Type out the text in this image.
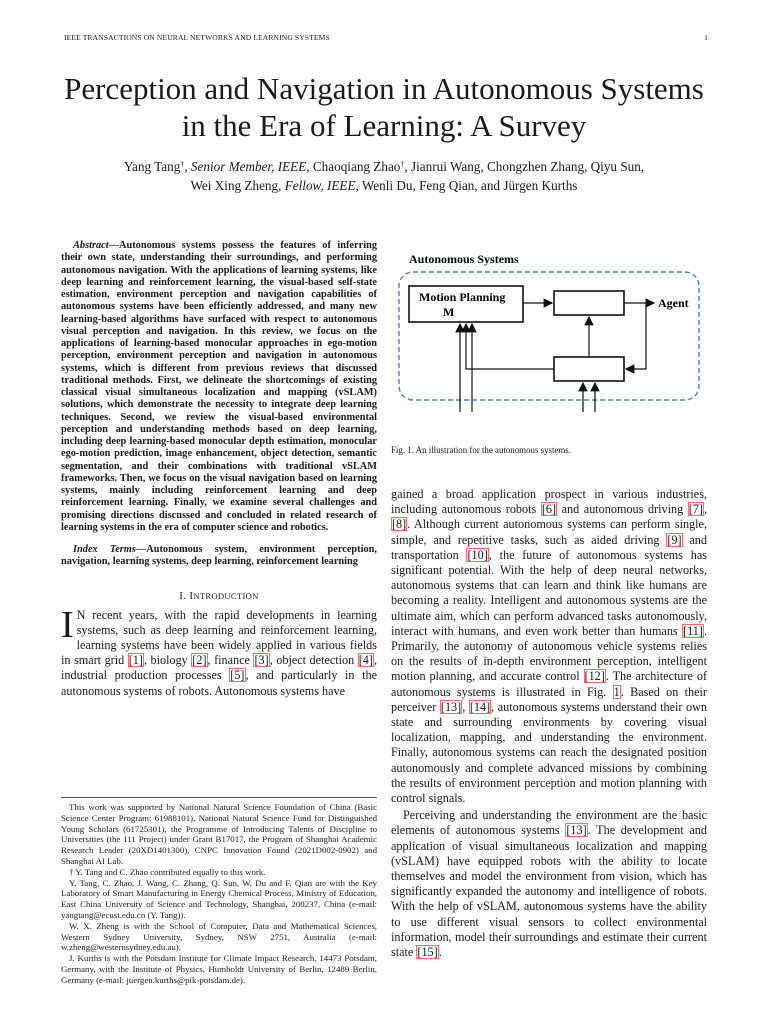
IEEE TRANSACTIONS ON NEURAL NETWORKS AND LEARNING SYSTEMS	1
Perception and Navigation in Autonomous Systems
in the Era of Learning: A Survey
Yang Tang†, Senior Member, IEEE, Chaoqiang Zhao†, Jianrui Wang, Chongzhen Zhang, Qiyu Sun,
Wei Xing Zheng, Fellow, IEEE, Wenli Du, Feng Qian, and Jürgen Kurths

Abstract—Autonomous systems possess the features of inferring their own state, understanding their surroundings, and performing autonomous navigation. With the applications of learning systems, like deep learning and reinforcement learning, the visual-based self-state estimation, environment perception and navigation capabilities of autonomous systems have been efficiently addressed, and many new learning-based algorithms have surfaced with respect to autonomous visual perception and navigation. In this review, we focus on the applications of learning-based monocular approaches in ego-motion perception, environment perception and navigation in autonomous systems, which is different from previous reviews that discussed traditional methods. First, we delineate the shortcomings of existing classical visual simultaneous localization and mapping (vSLAM) solutions, which demonstrate the necessity to integrate deep learning techniques. Second, we review the visual-based environmental perception and understanding methods based on deep learning, including deep learning-based monocular depth estimation, monocular ego-motion prediction, image enhancement, object detection, semantic segmentation, and their combinations with traditional vSLAM frameworks. Then, we focus on the visual navigation based on learning systems, mainly including reinforcement learning and deep reinforcement learning. Finally, we examine several challenges and promising directions discussed and concluded in related research of learning systems in the era of computer science and robotics.

Index Terms—Autonomous system, environment perception, navigation, learning systems, deep learning, reinforcement learning

I. INTRODUCTION

I N recent years, with the rapid developments in learning systems, such as deep learning and reinforcement learning, learning systems have been widely applied in various fields in smart grid [1], biology [2], finance [3], object detection [4], industrial production processes [5], and particularly in the autonomous systems of robots. Autonomous systems have

This work was supported by National Natural Science Foundation of China (Basic Science Center Program: 61988101), National Natural Science Fund for Distinguished Young Scholars (61725301), the Programme of Introducing Talents of Discipline to Universities (the 111 Project) under Grant B17017, the Program of Shanghai Academic Research Leader (20XD1401300), CNPC Innovation Found (2021D002-0902) and Shanghai AI Lab.

† Y. Tang and C. Zhao contributed equally to this work.

Y. Tang, C. Zhao, J. Wang, C. Zhang, Q. Sun, W. Du and F. Qian are with the Key Laboratory of Smart Manufacturing in Energy Chemical Process, Ministry of Education, East China University of Science and Technology, Shanghai, 200237, China (e-mail: yangtang@ecust.edu.cn (Y. Tang)).

W. X. Zheng is with the School of Computer, Data and Mathematical Sciences, Western Sydney University, Sydney, NSW 2751, Australia (e-mail: w.zheng@westernsydney.edu.au).

J. Kurths is with the Potsdam Institute for Climate Impact Research, 14473 Potsdam, Germany, with the Institute of Physics, Humboldt University of Berlin, 12489 Berlin, Germany (e-mail: juergen.kurths@pik-potsdam.de).

Autonomous Systems
Motion Planning
M
Agent
Fig. 1. An illustration for the autonomous systems.

gained a broad application prospect in various industries, including autonomous robots [6] and autonomous driving [7], [8]. Although current autonomous systems can perform single, simple, and repetitive tasks, such as aided driving [9] and transportation [10], the future of autonomous systems has significant potential. With the help of deep neural networks, autonomous systems that can learn and think like humans are becoming a reality. Intelligent and autonomous systems are the ultimate aim, which can perform advanced tasks autonomously, interact with humans, and even work better than humans [11]. Primarily, the autonomy of autonomous vehicle systems relies on the results of in-depth environment perception, intelligent motion planning, and accurate control [12]. The architecture of autonomous systems is illustrated in Fig. 1. Based on their perceiver [13], [14], autonomous systems understand their own state and surrounding environments by covering visual localization, mapping, and understanding the environment. Finally, autonomous systems can reach the designated position autonomously and complete advanced missions by combining the results of environment perception and motion planning with control signals.

Perceiving and understanding the environment are the basic elements of autonomous systems [13]. The development and application of visual simultaneous localization and mapping (vSLAM) have equipped robots with the ability to locate themselves and model the environment from vision, which has significantly expanded the autonomy and intelligence of robots. With the help of vSLAM, autonomous systems have the ability to use different visual sensors to collect environmental information, model their surroundings and estimate their current state [15].
